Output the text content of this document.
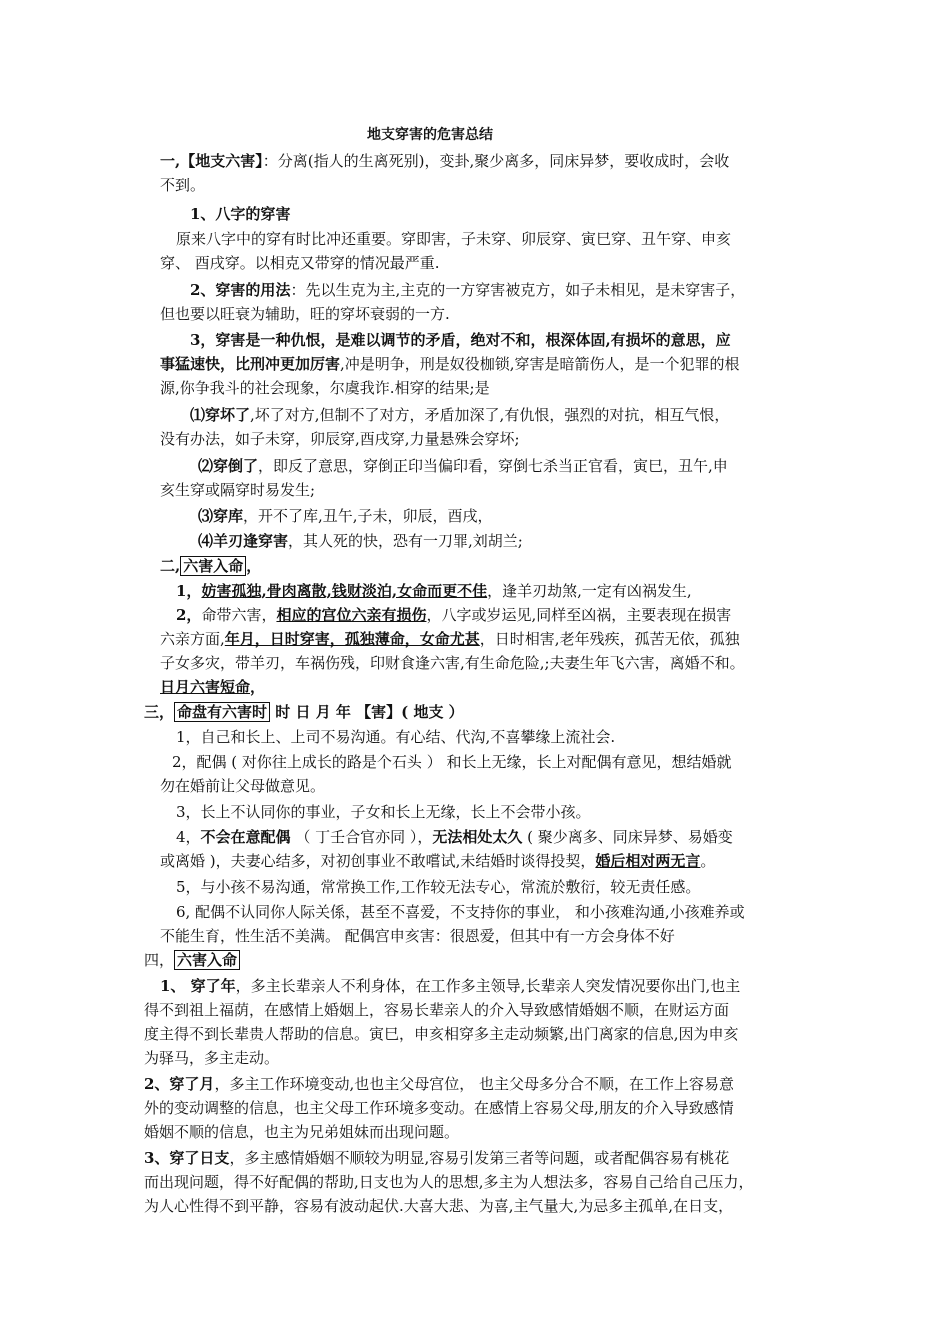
地支穿害的危害总结
一,【地支六害】：分离(指人的生离死别)，变卦,聚少离多，同床异梦，要收成时，会收
不到。
1、八字的穿害
原来八字中的穿有时比冲还重要。穿即害，子未穿、卯辰穿、寅巳穿、丑午穿、申亥
穿、 酉戌穿。以相克又带穿的情况最严重.
2、穿害的用法：先以生克为主,主克的一方穿害被克方，如子未相见，是未穿害子，
但也要以旺衰为辅助，旺的穿坏衰弱的一方.
3，穿害是一种仇恨，是难以调节的矛盾，绝对不和，根深体固,有损坏的意思，应
事猛速快，比刑冲更加厉害,冲是明争，刑是奴役枷锁,穿害是暗箭伤人，是一个犯罪的根
源,你争我斗的社会现象，尔虞我诈.相穿的结果;是
⑴穿坏了,坏了对方,但制不了对方，矛盾加深了,有仇恨，强烈的对抗，相互气恨，
没有办法，如子未穿，卯辰穿,酉戌穿,力量悬殊会穿坏;
⑵穿倒了，即反了意思，穿倒正印当偏印看，穿倒七杀当正官看，寅巳，丑午,申
亥生穿或隔穿时易发生;
⑶穿库，开不了库,丑午,子未，卯辰，酉戌，
⑷羊刃逢穿害，其人死的快，恐有一刀罪,刘胡兰;
二, 六害入命 ，
1，妨害孤独,骨肉离散,钱财淡泊,女命而更不佳，逢羊刃劫煞,一定有凶祸发生,
2，命带六害，相应的宫位六亲有损伤，八字或岁运见,同样至凶祸，主要表现在损害
六亲方面,年月，日时穿害，孤独薄命，女命尤甚，日时相害,老年残疾，孤苦无依，孤独
子女多灾，带羊刃，车祸伤残，印财食逢六害,有生命危险,;夫妻生年飞六害，离婚不和。
日月六害短命，
三， 命盘有六害时 时 日 月 年 【害】( 地支 ）
1，自己和长上、上司不易沟通。有心结、代沟,不喜攀缘上流社会.
2，配偶 ( 对你往上成长的路是个石头 ） 和长上无缘，长上对配偶有意见，想结婚就
勿在婚前让父母做意见。
3，长上不认同你的事业，子女和长上无缘，长上不会带小孩。
4，不会在意配偶 （ 丁壬合官亦同 ），无法相处太久 ( 聚少离多、同床异梦、易婚变
或离婚 )，夫妻心结多，对初创事业不敢嚐试,未结婚时谈得投契，婚后相对两无言。
5，与小孩不易沟通，常常换工作,工作较无法专心，常流於敷衍，较无责任感。
6, 配偶不认同你人际关係，甚至不喜爱，不支持你的事业， 和小孩难沟通,小孩难养或
不能生育，性生活不美满。 配偶宫申亥害：很恩爱，但其中有一方会身体不好
四， 六害入命
1、 穿了年，多主长辈亲人不利身体，在工作多主领导,长辈亲人突发情况要你出门,也主
得不到祖上福荫，在感情上婚姻上，容易长辈亲人的介入导致感情婚姻不顺，在财运方面
度主得不到长辈贵人帮助的信息。寅巳，申亥相穿多主走动频繁,出门离家的信息,因为申亥
为驿马，多主走动。
2、穿了月，多主工作环境变动,也也主父母宫位， 也主父母多分合不顺，在工作上容易意
外的变动调整的信息，也主父母工作环境多变动。在感情上容易父母,朋友的介入导致感情
婚姻不顺的信息，也主为兄弟姐妹而出现问题。
3、穿了日支，多主感情婚姻不顺较为明显,容易引发第三者等问题，或者配偶容易有桃花
而出现问题，得不好配偶的帮助,日支也为人的思想,多主为人想法多，容易自己给自己压力，
为人心性得不到平静，容易有波动起伏.大喜大悲、为喜,主气量大,为忌多主孤单,在日支，
